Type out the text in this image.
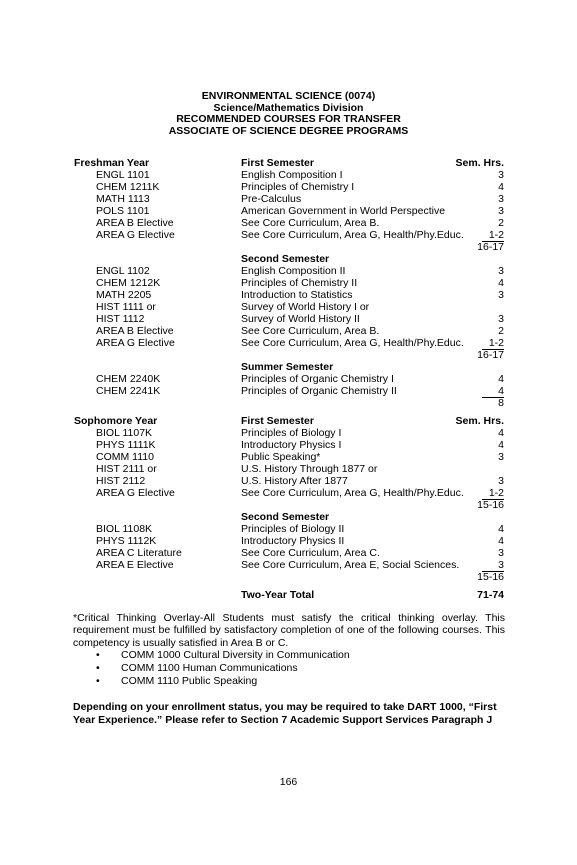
ENVIRONMENTAL SCIENCE (0074)
Science/Mathematics Division
RECOMMENDED COURSES FOR TRANSFER
ASSOCIATE OF SCIENCE DEGREE PROGRAMS
Freshman Year	First Semester	Sem. Hrs.
ENGL 1101	English Composition I	3
CHEM 1211K	Principles of Chemistry I	4
MATH 1113	Pre-Calculus	3
POLS 1101	American Government in World Perspective	3
AREA B Elective	See Core Curriculum, Area B.	2
AREA G Elective	See Core Curriculum, Area G, Health/Phy.Educ.	1-2
16-17
Second Semester
ENGL 1102	English Composition II	3
CHEM 1212K	Principles of Chemistry II	4
MATH 2205	Introduction to Statistics	3
HIST 1111 or	Survey of World History I or
HIST 1112	Survey of World History II	3
AREA B Elective	See Core Curriculum, Area B.	2
AREA G Elective	See Core Curriculum, Area G, Health/Phy.Educ.	1-2
16-17
Summer Semester
CHEM 2240K	Principles of Organic Chemistry I	4
CHEM 2241K	Principles of Organic Chemistry II	4
8
Sophomore Year	First Semester	Sem. Hrs.
BIOL 1107K	Principles of Biology I	4
PHYS 1111K	Introductory Physics I	4
COMM 1110	Public Speaking*	3
HIST 2111 or	U.S. History Through 1877 or
HIST 2112	U.S. History After 1877	3
AREA G Elective	See Core Curriculum, Area G, Health/Phy.Educ.	1-2
15-16
Second Semester
BIOL 1108K	Principles of Biology II	4
PHYS 1112K	Introductory Physics II	4
AREA C Literature	See Core Curriculum, Area C.	3
AREA E Elective	See Core Curriculum, Area E, Social Sciences.	3
15-16
Two-Year Total	71-74
*Critical Thinking Overlay-All Students must satisfy the critical thinking overlay. This requirement must be fulfilled by satisfactory completion of one of the following courses. This competency is usually satisfied in Area B or C.
• COMM 1000 Cultural Diversity in Communication
• COMM 1100 Human Communications
• COMM 1110 Public Speaking
Depending on your enrollment status, you may be required to take DART 1000, “First Year Experience.” Please refer to Section 7 Academic Support Services Paragraph J
166
